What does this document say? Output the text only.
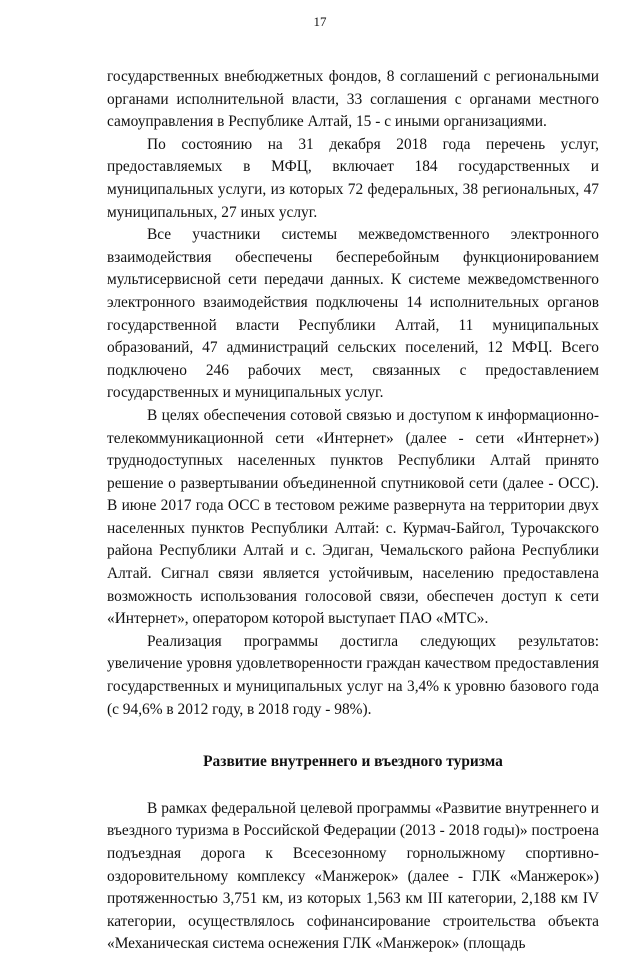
17

государственных внебюджетных фондов, 8 соглашений с региональными органами исполнительной власти, 33 соглашения с органами местного самоуправления в Республике Алтай, 15 - с иными организациями.

По состоянию на 31 декабря 2018 года перечень услуг, предоставляемых в МФЦ, включает 184 государственных и муниципальных услуги, из которых 72 федеральных, 38 региональных, 47 муниципальных, 27 иных услуг.

Все участники системы межведомственного электронного взаимодействия обеспечены бесперебойным функционированием мультисервисной сети передачи данных. К системе межведомственного электронного взаимодействия подключены 14 исполнительных органов государственной власти Республики Алтай, 11 муниципальных образований, 47 администраций сельских поселений, 12 МФЦ. Всего подключено 246 рабочих мест, связанных с предоставлением государственных и муниципальных услуг.

В целях обеспечения сотовой связью и доступом к информационно-телекоммуникационной сети «Интернет» (далее - сети «Интернет») труднодоступных населенных пунктов Республики Алтай принято решение о развертывании объединенной спутниковой сети (далее - ОСС). В июне 2017 года ОСС в тестовом режиме развернута на территории двух населенных пунктов Республики Алтай: с. Курмач-Байгол, Турочакского района Республики Алтай и с. Эдиган, Чемальского района Республики Алтай. Сигнал связи является устойчивым, населению предоставлена возможность использования голосовой связи, обеспечен доступ к сети «Интернет», оператором которой выступает ПАО «МТС».

Реализация программы достигла следующих результатов: увеличение уровня удовлетворенности граждан качеством предоставления государственных и муниципальных услуг на 3,4% к уровню базового года (с 94,6% в 2012 году, в 2018 году - 98%).

Развитие внутреннего и въездного туризма

В рамках федеральной целевой программы «Развитие внутреннего и въездного туризма в Российской Федерации (2013 - 2018 годы)» построена подъездная дорога к Всесезонному горнолыжному спортивно-оздоровительному комплексу «Манжерок» (далее - ГЛК «Манжерок») протяженностью 3,751 км, из которых 1,563 км III категории, 2,188 км IV категории, осуществлялось софинансирование строительства объекта «Механическая система оснежения ГЛК «Манжерок» (площадь
